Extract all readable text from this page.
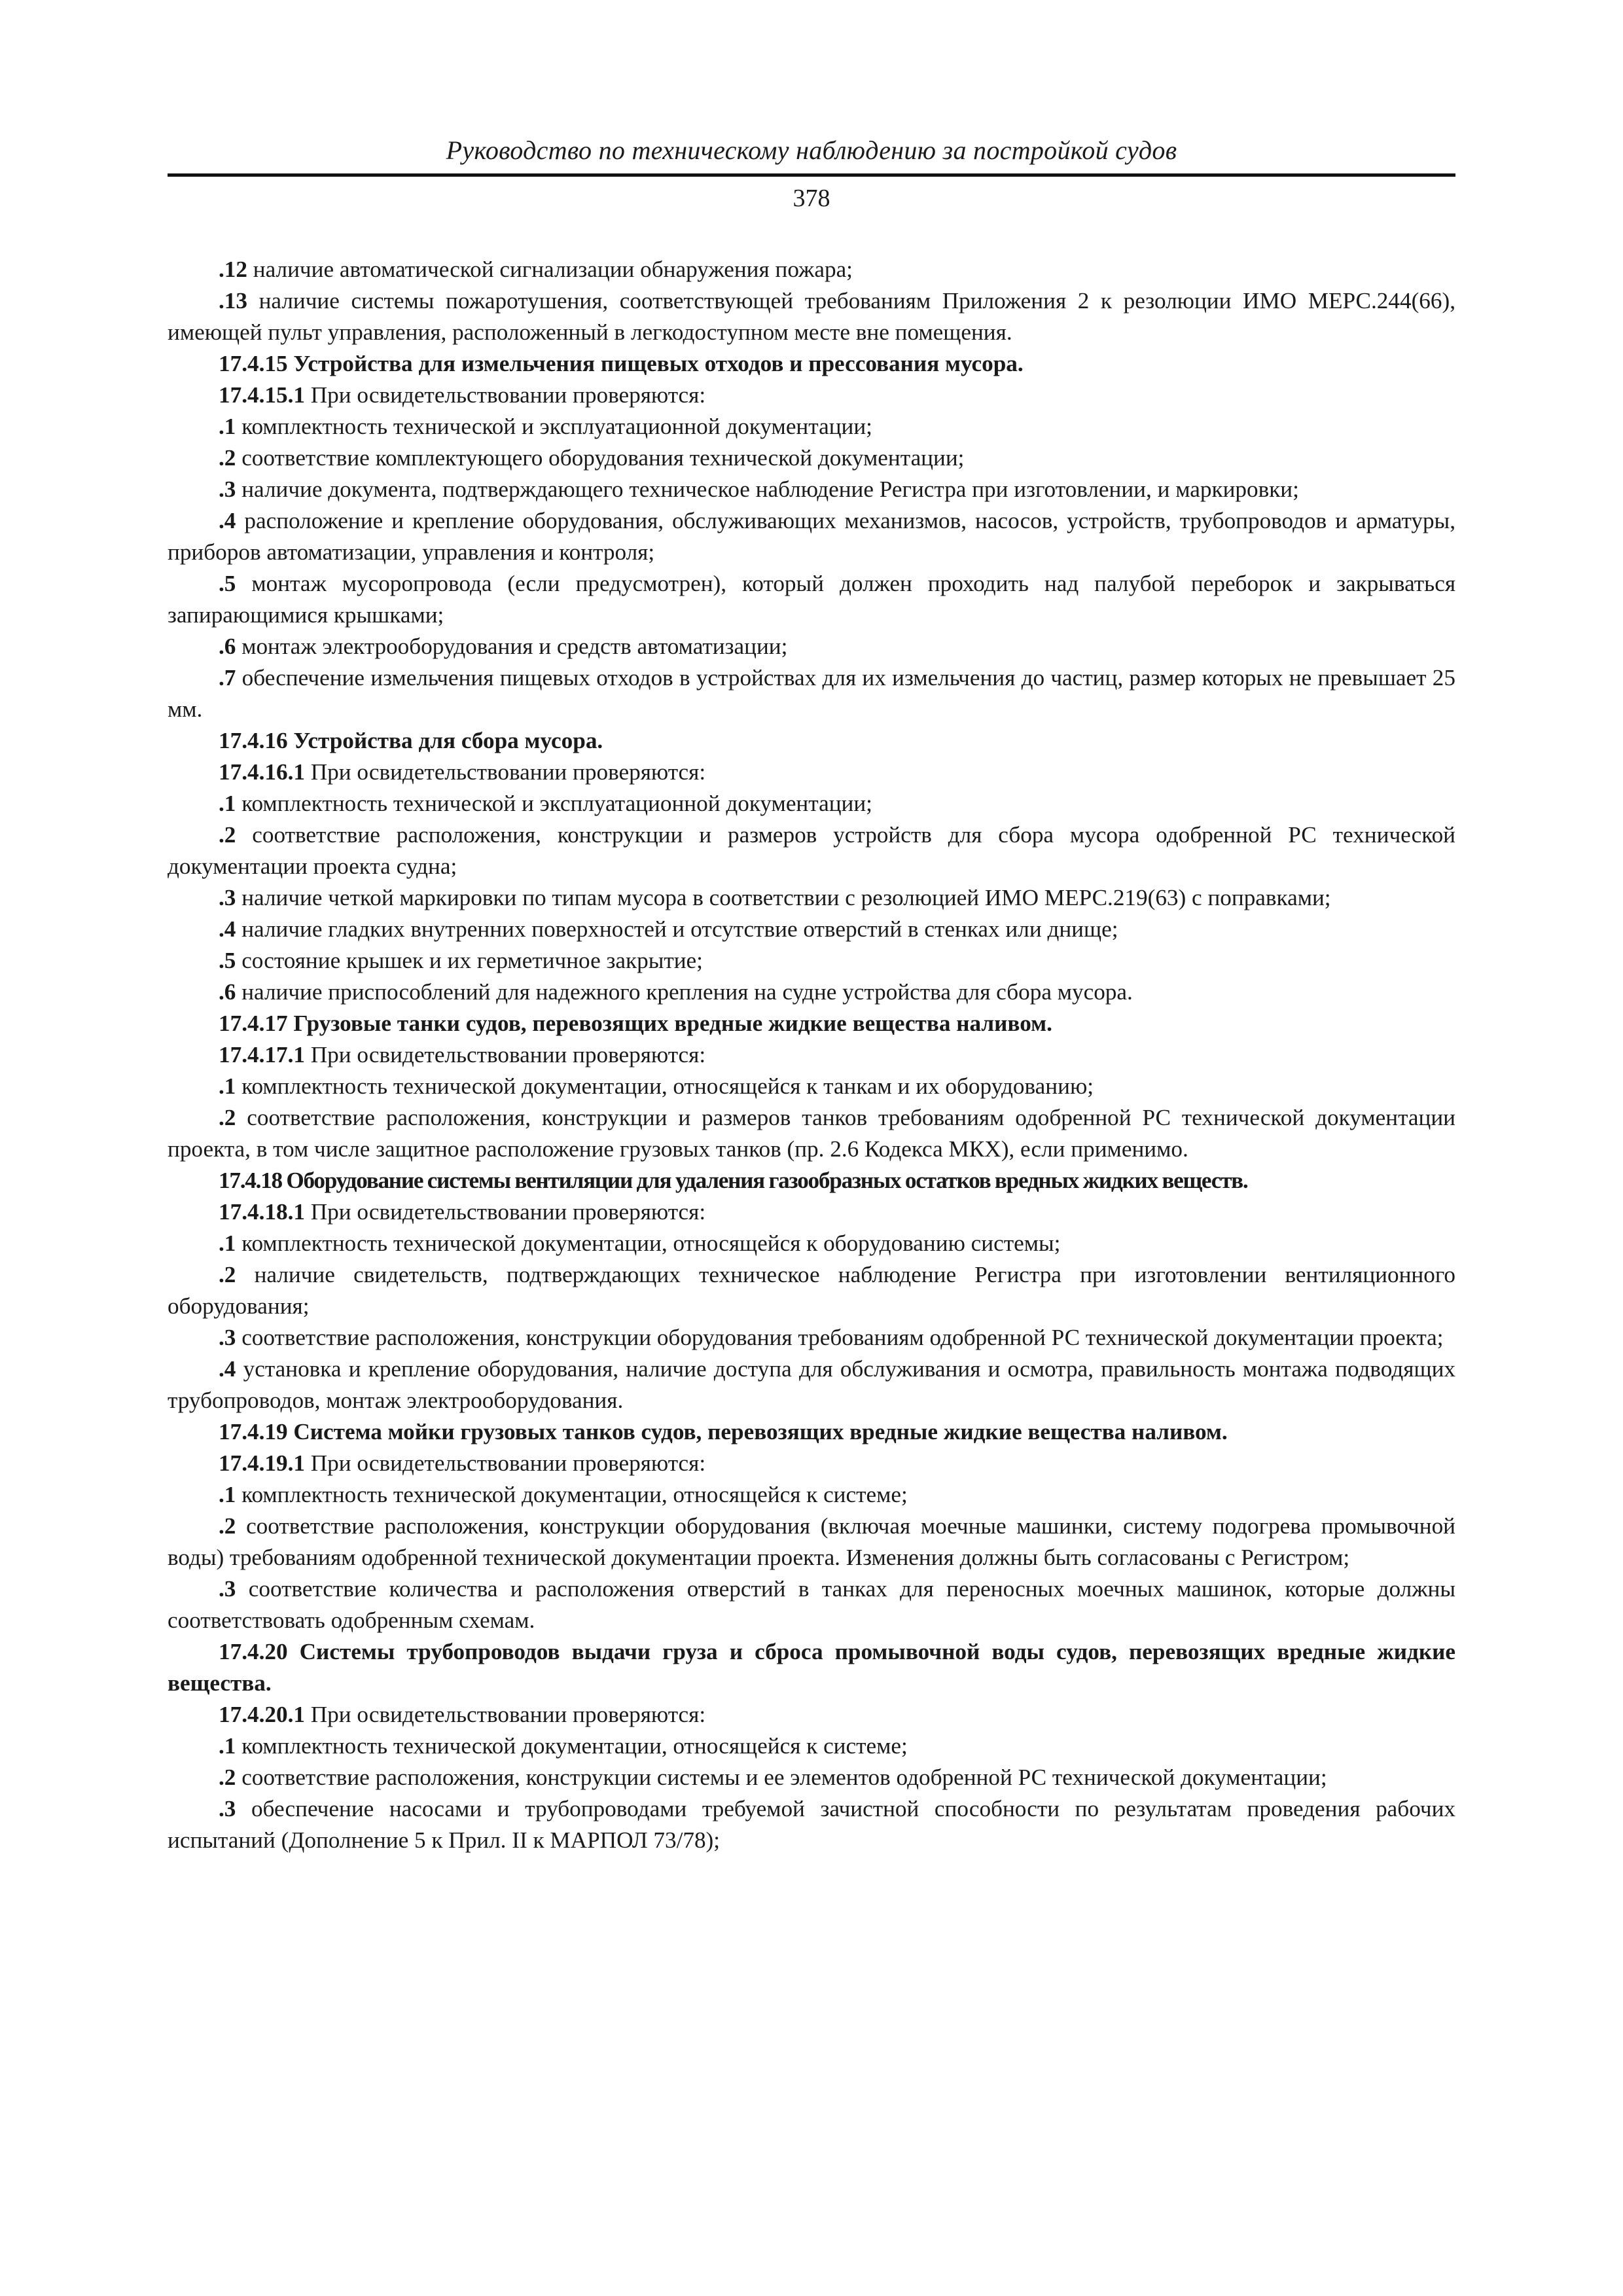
Руководство по техническому наблюдению за постройкой судов
378

.12 наличие автоматической сигнализации обнаружения пожара;

.13 наличие системы пожаротушения, соответствующей требованиям Приложения 2 к резолюции ИМО МЕРС.244(66), имеющей пульт управления, расположенный в легкодоступном месте вне помещения.

17.4.15 Устройства для измельчения пищевых отходов и прессования мусора.

17.4.15.1 При освидетельствовании проверяются:

.1 комплектность технической и эксплуатационной документации;

.2 соответствие комплектующего оборудования технической документации;

.3 наличие документа, подтверждающего техническое наблюдение Регистра при изготовлении, и маркировки;

.4 расположение и крепление оборудования, обслуживающих механизмов, насосов, устройств, трубопроводов и арматуры, приборов автоматизации, управления и контроля;

.5 монтаж мусоропровода (если предусмотрен), который должен проходить над палубой переборок и закрываться запирающимися крышками;

.6 монтаж электрооборудования и средств автоматизации;

.7 обеспечение измельчения пищевых отходов в устройствах для их измельчения до частиц, размер которых не превышает 25 мм.

17.4.16 Устройства для сбора мусора.

17.4.16.1 При освидетельствовании проверяются:

.1 комплектность технической и эксплуатационной документации;

.2 соответствие расположения, конструкции и размеров устройств для сбора мусора одобренной РС технической документации проекта судна;

.3 наличие четкой маркировки по типам мусора в соответствии с резолюцией ИМО МЕРС.219(63) с поправками;

.4 наличие гладких внутренних поверхностей и отсутствие отверстий в стенках или днище;

.5 состояние крышек и их герметичное закрытие;

.6 наличие приспособлений для надежного крепления на судне устройства для сбора мусора.

17.4.17 Грузовые танки судов, перевозящих вредные жидкие вещества наливом.

17.4.17.1 При освидетельствовании проверяются:

.1 комплектность технической документации, относящейся к танкам и их оборудованию;

.2 соответствие расположения, конструкции и размеров танков требованиям одобренной РС технической документации проекта, в том числе защитное расположение грузовых танков (пр. 2.6 Кодекса МКХ), если применимо.

17.4.18 Оборудование системы вентиляции для удаления газообразных остатков вредных жидких веществ.

17.4.18.1 При освидетельствовании проверяются:

.1 комплектность технической документации, относящейся к оборудованию системы;

.2 наличие свидетельств, подтверждающих техническое наблюдение Регистра при изготовлении вентиляционного оборудования;

.3 соответствие расположения, конструкции оборудования требованиям одобренной РС технической документации проекта;

.4 установка и крепление оборудования, наличие доступа для обслуживания и осмотра, правильность монтажа подводящих трубопроводов, монтаж электрооборудования.

17.4.19 Система мойки грузовых танков судов, перевозящих вредные жидкие вещества наливом.

17.4.19.1 При освидетельствовании проверяются:

.1 комплектность технической документации, относящейся к системе;

.2 соответствие расположения, конструкции оборудования (включая моечные машинки, систему подогрева промывочной воды) требованиям одобренной технической документации проекта. Изменения должны быть согласованы с Регистром;

.3 соответствие количества и расположения отверстий в танках для переносных моечных машинок, которые должны соответствовать одобренным схемам.

17.4.20 Системы трубопроводов выдачи груза и сброса промывочной воды судов, перевозящих вредные жидкие вещества.

17.4.20.1 При освидетельствовании проверяются:

.1 комплектность технической документации, относящейся к системе;

.2 соответствие расположения, конструкции системы и ее элементов одобренной РС технической документации;

.3 обеспечение насосами и трубопроводами требуемой зачистной способности по результатам проведения рабочих испытаний (Дополнение 5 к Прил. II к МАРПОЛ 73/78);
